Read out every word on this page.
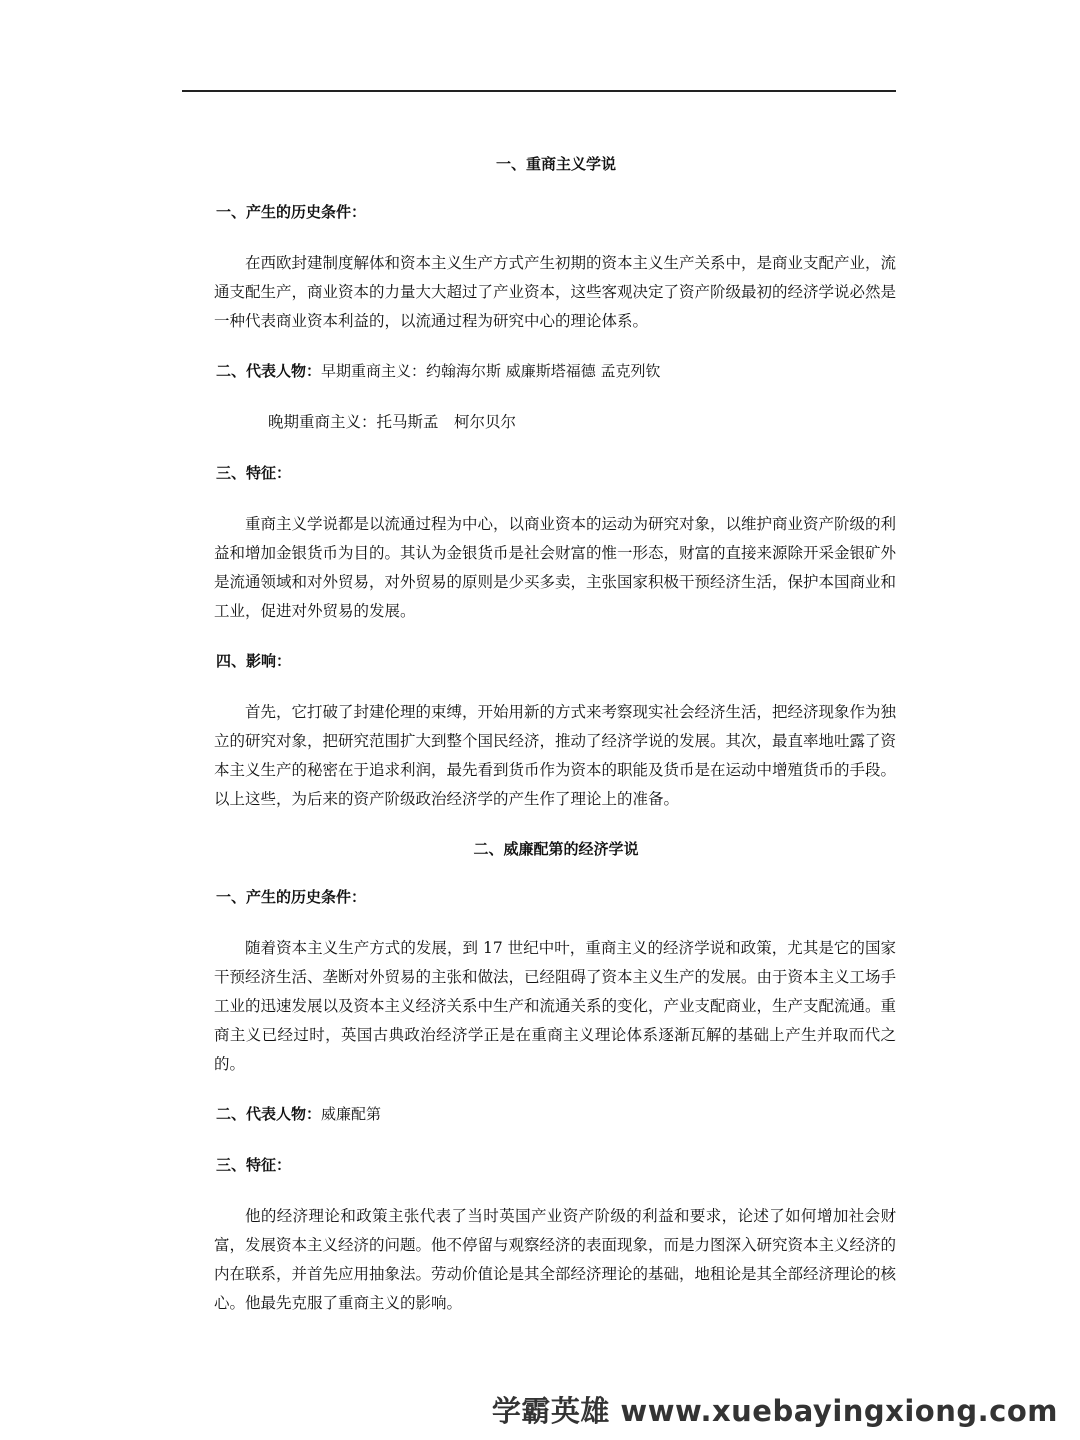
一、重商主义学说
一、产生的历史条件：
在西欧封建制度解体和资本主义生产方式产生初期的资本主义生产关系中，是商业支配产业，流通支配生产，商业资本的力量大大超过了产业资本，这些客观决定了资产阶级最初的经济学说必然是一种代表商业资本利益的，以流通过程为研究中心的理论体系。
二、代表人物：早期重商主义：约翰海尔斯 威廉斯塔福德 孟克列钦
晚期重商主义：托马斯孟　柯尔贝尔
三、特征：
重商主义学说都是以流通过程为中心，以商业资本的运动为研究对象，以维护商业资产阶级的利益和增加金银货币为目的。其认为金银货币是社会财富的惟一形态，财富的直接来源除开采金银矿外是流通领域和对外贸易，对外贸易的原则是少买多卖，主张国家积极干预经济生活，保护本国商业和工业，促进对外贸易的发展。
四、影响：
首先，它打破了封建伦理的束缚，开始用新的方式来考察现实社会经济生活，把经济现象作为独立的研究对象，把研究范围扩大到整个国民经济，推动了经济学说的发展。其次，最直率地吐露了资本主义生产的秘密在于追求利润，最先看到货币作为资本的职能及货币是在运动中增殖货币的手段。以上这些，为后来的资产阶级政治经济学的产生作了理论上的准备。
二、威廉配第的经济学说
一、产生的历史条件：
随着资本主义生产方式的发展，到 17 世纪中叶，重商主义的经济学说和政策，尤其是它的国家干预经济生活、垄断对外贸易的主张和做法，已经阻碍了资本主义生产的发展。由于资本主义工场手工业的迅速发展以及资本主义经济关系中生产和流通关系的变化，产业支配商业，生产支配流通。重商主义已经过时，英国古典政治经济学正是在重商主义理论体系逐渐瓦解的基础上产生并取而代之的。
二、代表人物：威廉配第
三、特征：
他的经济理论和政策主张代表了当时英国产业资产阶级的利益和要求，论述了如何增加社会财富，发展资本主义经济的问题。他不停留与观察经济的表面现象，而是力图深入研究资本主义经济的内在联系，并首先应用抽象法。劳动价值论是其全部经济理论的基础，地租论是其全部经济理论的核心。他最先克服了重商主义的影响。
学霸英雄 www.xuebayingxiong.com
